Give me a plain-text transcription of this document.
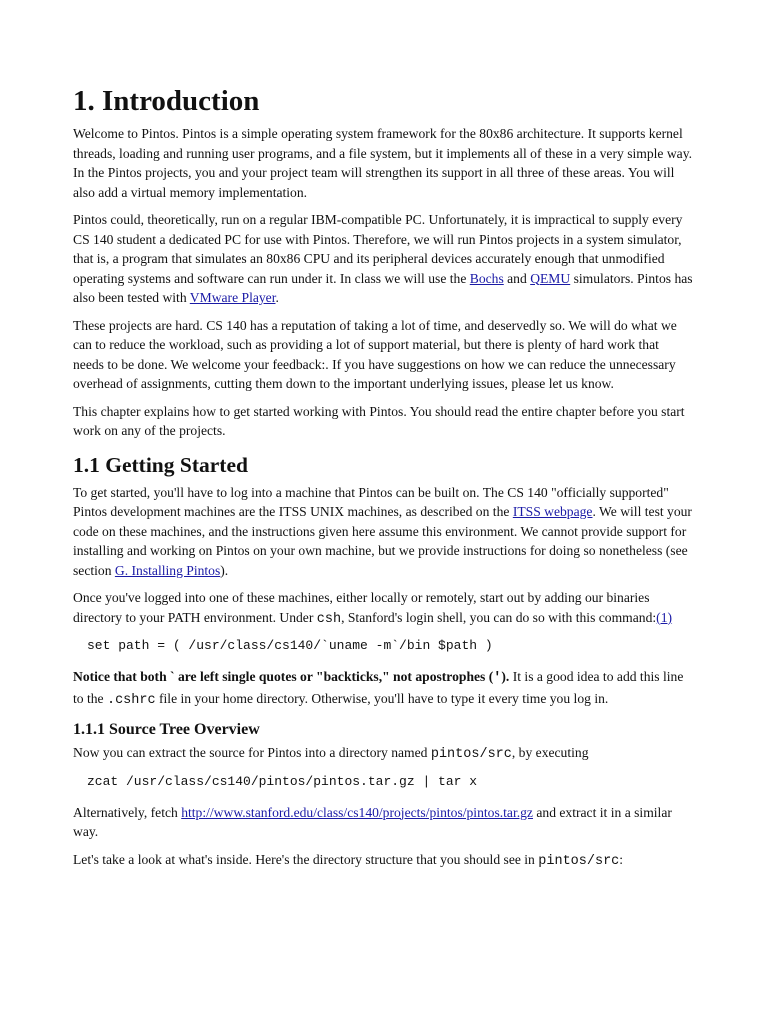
1. Introduction

Welcome to Pintos. Pintos is a simple operating system framework for the 80x86 architecture. It supports kernel threads, loading and running user programs, and a file system, but it implements all of these in a very simple way. In the Pintos projects, you and your project team will strengthen its support in all three of these areas. You will also add a virtual memory implementation.

Pintos could, theoretically, run on a regular IBM-compatible PC. Unfortunately, it is impractical to supply every CS 140 student a dedicated PC for use with Pintos. Therefore, we will run Pintos projects in a system simulator, that is, a program that simulates an 80x86 CPU and its peripheral devices accurately enough that unmodified operating systems and software can run under it. In class we will use the Bochs and QEMU simulators. Pintos has also been tested with VMware Player.

These projects are hard. CS 140 has a reputation of taking a lot of time, and deservedly so. We will do what we can to reduce the workload, such as providing a lot of support material, but there is plenty of hard work that needs to be done. We welcome your feedback:. If you have suggestions on how we can reduce the unnecessary overhead of assignments, cutting them down to the important underlying issues, please let us know.

This chapter explains how to get started working with Pintos. You should read the entire chapter before you start work on any of the projects.

1.1 Getting Started

To get started, you'll have to log into a machine that Pintos can be built on. The CS 140 "officially supported" Pintos development machines are the ITSS UNIX machines, as described on the ITSS webpage. We will test your code on these machines, and the instructions given here assume this environment. We cannot provide support for installing and working on Pintos on your own machine, but we provide instructions for doing so nonetheless (see section G. Installing Pintos).

Once you've logged into one of these machines, either locally or remotely, start out by adding our binaries directory to your PATH environment. Under csh, Stanford's login shell, you can do so with this command:(1)

set path = ( /usr/class/cs140/`uname -m`/bin $path )

Notice that both ` are left single quotes or "backticks," not apostrophes ('). It is a good idea to add this line to the .cshrc file in your home directory. Otherwise, you'll have to type it every time you log in.

1.1.1 Source Tree Overview

Now you can extract the source for Pintos into a directory named pintos/src, by executing

zcat /usr/class/cs140/pintos/pintos.tar.gz | tar x

Alternatively, fetch http://www.stanford.edu/class/cs140/projects/pintos/pintos.tar.gz and extract it in a similar way.

Let's take a look at what's inside. Here's the directory structure that you should see in pintos/src:
